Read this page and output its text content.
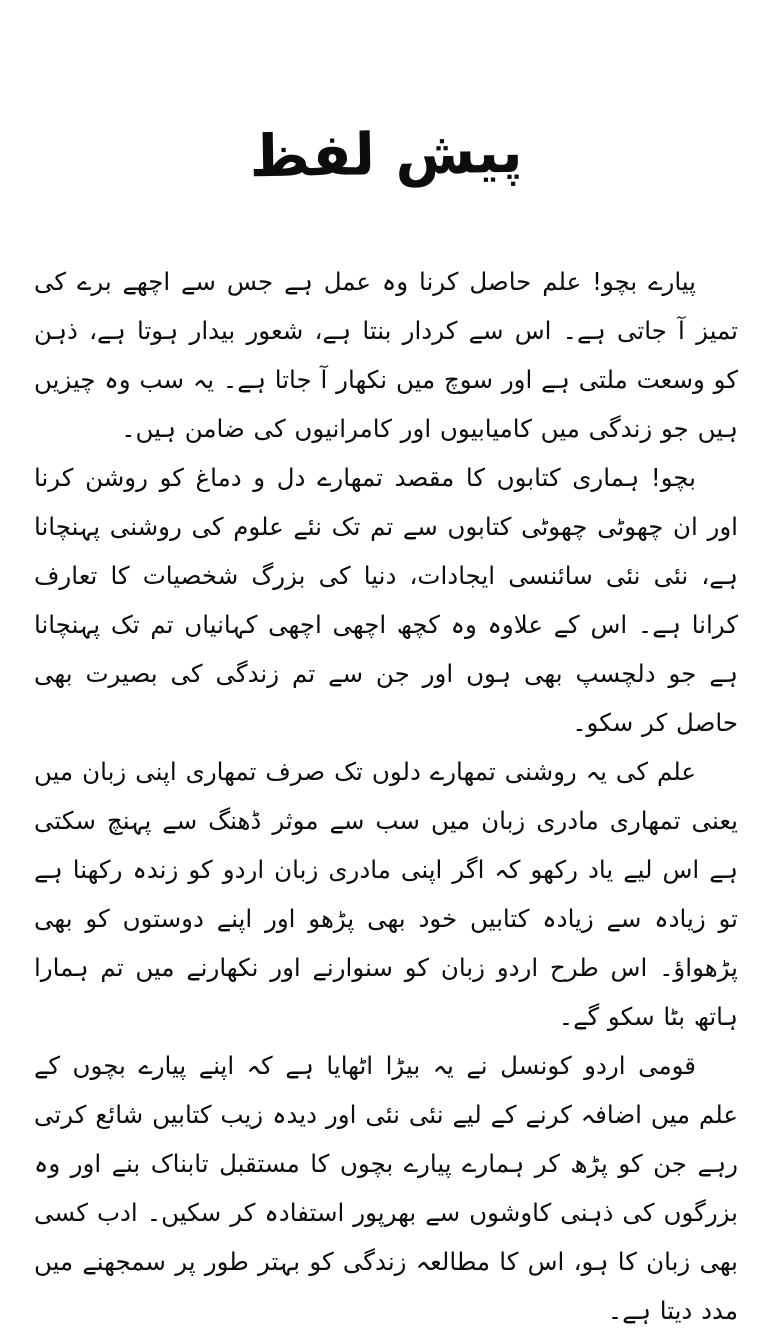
پیش لفظ

پیارے بچو! علم حاصل کرنا وہ عمل ہے جس سے اچھے برے کی تمیز آ جاتی ہے۔ اس سے کردار بنتا ہے، شعور بیدار ہوتا ہے، ذہن کو وسعت ملتی ہے اور سوچ میں نکھار آ جاتا ہے۔ یہ سب وہ چیزیں ہیں جو زندگی میں کامیابیوں اور کامرانیوں کی ضامن ہیں۔

بچو! ہماری کتابوں کا مقصد تمھارے دل و دماغ کو روشن کرنا اور ان چھوٹی چھوٹی کتابوں سے تم تک نئے علوم کی روشنی پہنچانا ہے، نئی نئی سائنسی ایجادات، دنیا کی بزرگ شخصیات کا تعارف کرانا ہے۔ اس کے علاوہ وہ کچھ اچھی اچھی کہانیاں تم تک پہنچانا ہے جو دلچسپ بھی ہوں اور جن سے تم زندگی کی بصیرت بھی حاصل کر سکو۔

علم کی یہ روشنی تمھارے دلوں تک صرف تمھاری اپنی زبان میں یعنی تمھاری مادری زبان میں سب سے موثر ڈھنگ سے پہنچ سکتی ہے اس لیے یاد رکھو کہ اگر اپنی مادری زبان اردو کو زندہ رکھنا ہے تو زیادہ سے زیادہ کتابیں خود بھی پڑھو اور اپنے دوستوں کو بھی پڑھواؤ۔ اس طرح اردو زبان کو سنوارنے اور نکھارنے میں تم ہمارا ہاتھ بٹا سکو گے۔

قومی اردو کونسل نے یہ بیڑا اٹھایا ہے کہ اپنے پیارے بچوں کے علم میں اضافہ کرنے کے لیے نئی نئی اور دیدہ زیب کتابیں شائع کرتی رہے جن کو پڑھ کر ہمارے پیارے بچوں کا مستقبل تابناک بنے اور وہ بزرگوں کی ذہنی کاوشوں سے بھرپور استفادہ کر سکیں۔ ادب کسی بھی زبان کا ہو، اس کا مطالعہ زندگی کو بہتر طور پر سمجھنے میں مدد دیتا ہے۔
